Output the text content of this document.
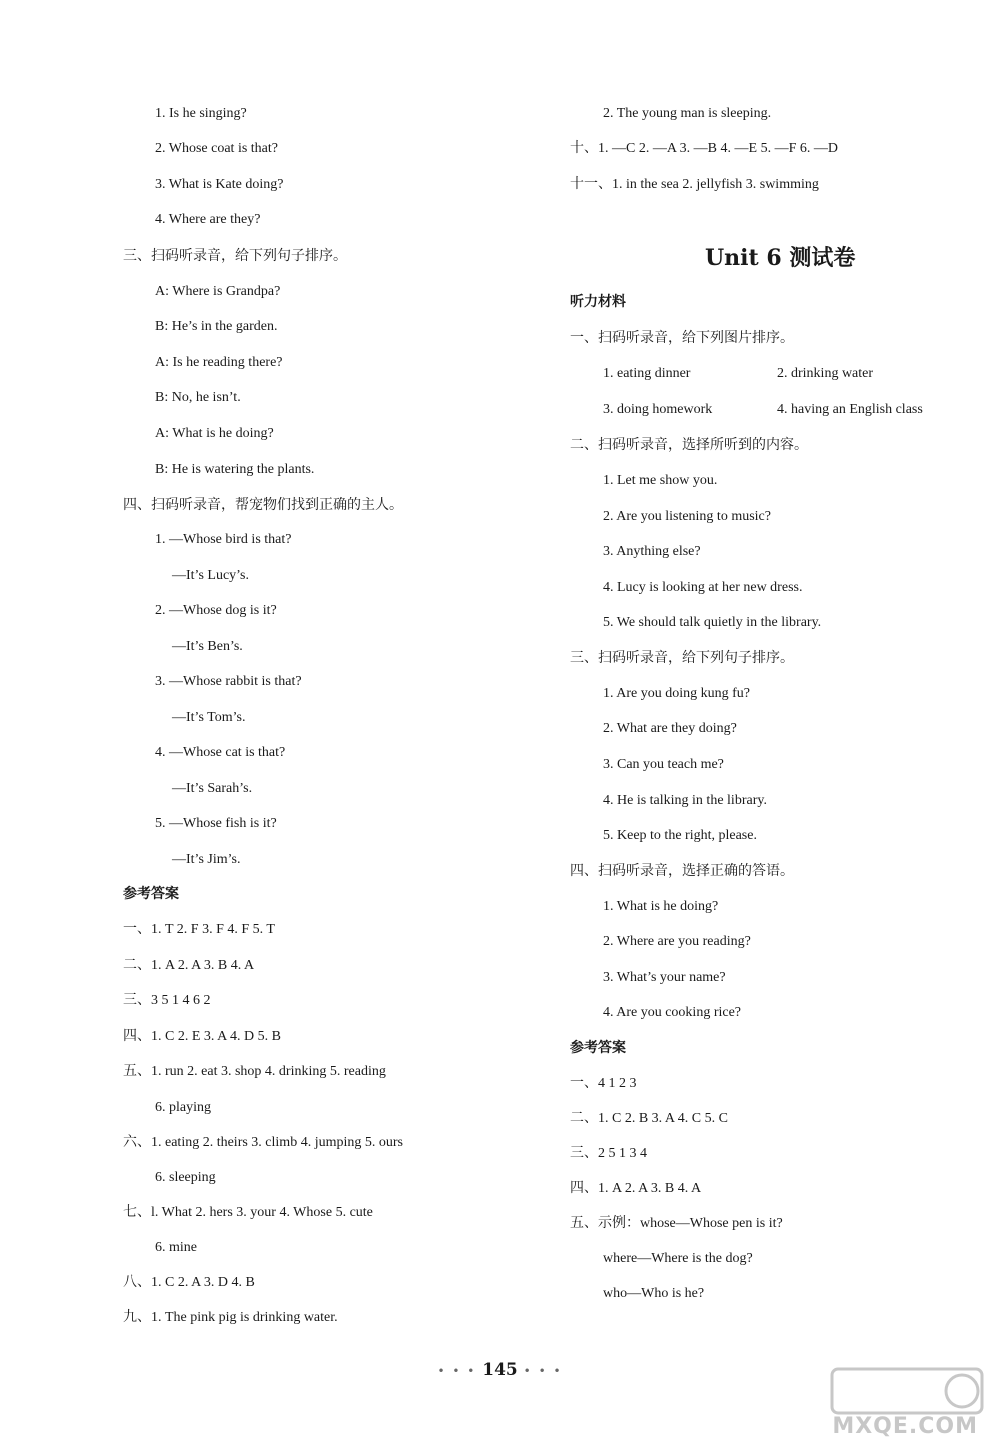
1. Is he singing?
2. Whose coat is that?
3. What is Kate doing?
4. Where are they?
三、扫码听录音，给下列句子排序。
A: Where is Grandpa?
B: He’s in the garden.
A: Is he reading there?
B: No, he isn’t.
A: What is he doing?
B: He is watering the plants.
四、扫码听录音，帮宠物们找到正确的主人。
1. —Whose bird is that?
—It’s Lucy’s.
2. —Whose dog is it?
—It’s Ben’s.
3. —Whose rabbit is that?
—It’s Tom’s.
4. —Whose cat is that?
—It’s Sarah’s.
5. —Whose fish is it?
—It’s Jim’s.
参考答案
一、1. T 2. F 3. F 4. F 5. T
二、1. A 2. A 3. B 4. A
三、3 5 1 4 6 2
四、1. C 2. E 3. A 4. D 5. B
五、1. run 2. eat 3. shop 4. drinking 5. reading
6. playing
六、1. eating 2. theirs 3. climb 4. jumping 5. ours
6. sleeping
七、l. What 2. hers 3. your 4. Whose 5. cute
6. mine
八、1. C 2. A 3. D 4. B
九、1. The pink pig is drinking water.
2. The young man is sleeping.
十、1. —C 2. —A 3. —B 4. —E 5. —F 6. —D
十一、1. in the sea 2. jellyfish 3. swimming
听力材料
一、扫码听录音，给下列图片排序。
1. eating dinner	2. drinking water
3. doing homework	4. having an English class
二、扫码听录音，选择所听到的内容。
1. Let me show you.
2. Are you listening to music?
3. Anything else?
4. Lucy is looking at her new dress.
5. We should talk quietly in the library.
三、扫码听录音，给下列句子排序。
1. Are you doing kung fu?
2. What are they doing?
3. Can you teach me?
4. He is talking in the library.
5. Keep to the right, please.
四、扫码听录音，选择正确的答语。
1. What is he doing?
2. Where are you reading?
3. What’s your name?
4. Are you cooking rice?
参考答案
一、4 1 2 3
二、1. C 2. B 3. A 4. C 5. C
三、2 5 1 3 4
四、1. A 2. A 3. B 4. A
五、示例：whose—Whose pen is it?
where—Where is the dog?
who—Who is he?
Unit 6 测试卷
• • • 145 • • •
MXQE.COM
